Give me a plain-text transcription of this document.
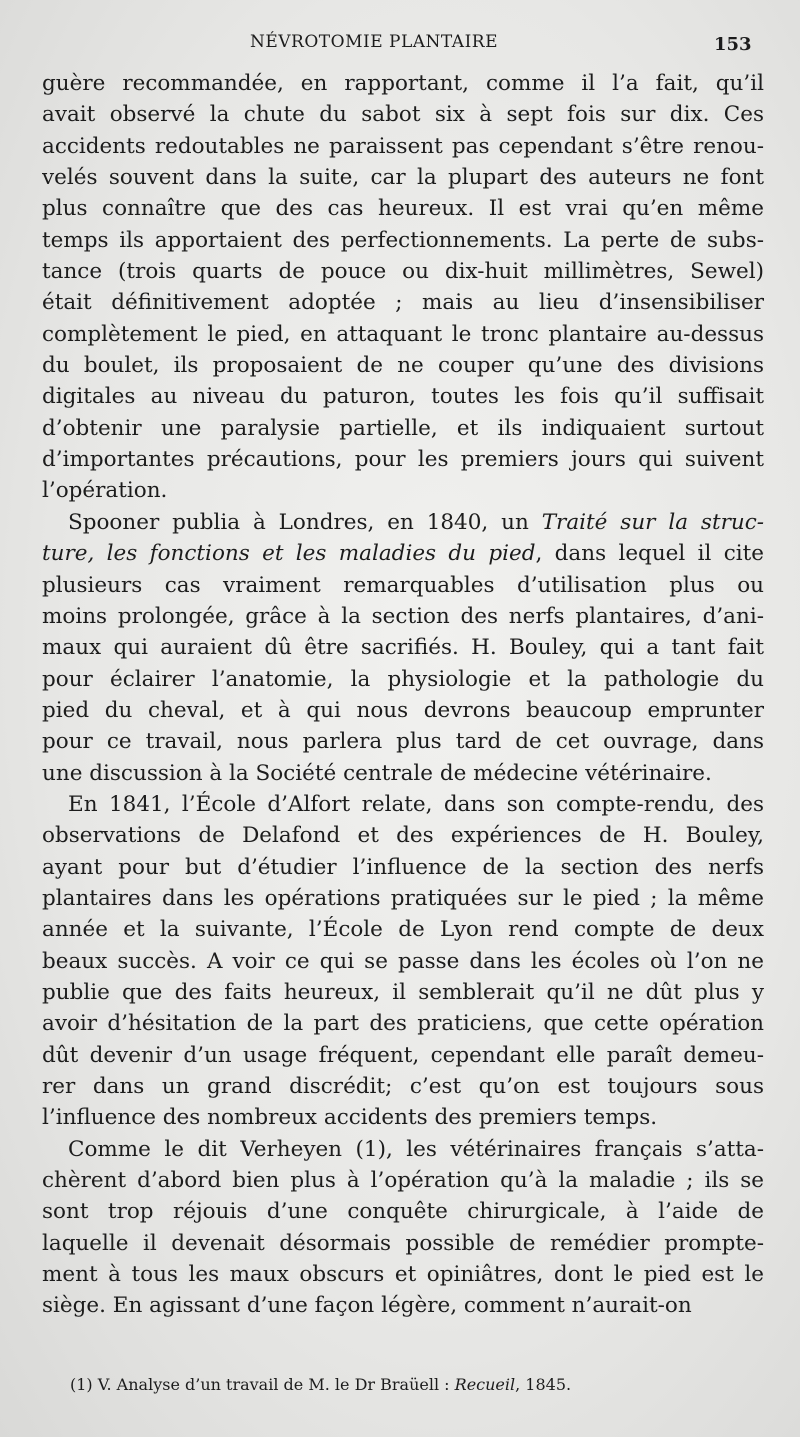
NÉVROTOMIE PLANTAIRE	153
guère recommandée, en rapportant, comme il l’a fait, qu’il
avait observé la chute du sabot six à sept fois sur dix. Ces
accidents redoutables ne paraissent pas cependant s’être renou-
velés souvent dans la suite, car la plupart des auteurs ne font
plus connaître que des cas heureux. Il est vrai qu’en même
temps ils apportaient des perfectionnements. La perte de subs-
tance (trois quarts de pouce ou dix-huit millimètres, Sewel)
était définitivement adoptée ; mais au lieu d’insensibiliser
complètement le pied, en attaquant le tronc plantaire au-dessus
du boulet, ils proposaient de ne couper qu’une des divisions
digitales au niveau du paturon, toutes les fois qu’il suffisait
d’obtenir une paralysie partielle, et ils indiquaient surtout
d’importantes précautions, pour les premiers jours qui suivent
l’opération.
Spooner publia à Londres, en 1840, un Traité sur la struc-
ture, les fonctions et les maladies du pied, dans lequel il cite
plusieurs cas vraiment remarquables d’utilisation plus ou
moins prolongée, grâce à la section des nerfs plantaires, d’ani-
maux qui auraient dû être sacrifiés. H. Bouley, qui a tant fait
pour éclairer l’anatomie, la physiologie et la pathologie du
pied du cheval, et à qui nous devrons beaucoup emprunter
pour ce travail, nous parlera plus tard de cet ouvrage, dans
une discussion à la Société centrale de médecine vétérinaire.
En 1841, l’École d’Alfort relate, dans son compte-rendu, des
observations de Delafond et des expériences de H. Bouley,
ayant pour but d’étudier l’influence de la section des nerfs
plantaires dans les opérations pratiquées sur le pied ; la même
année et la suivante, l’École de Lyon rend compte de deux
beaux succès. A voir ce qui se passe dans les écoles où l’on ne
publie que des faits heureux, il semblerait qu’il ne dût plus y
avoir d’hésitation de la part des praticiens, que cette opération
dût devenir d’un usage fréquent, cependant elle paraît demeu-
rer dans un grand discrédit; c’est qu’on est toujours sous
l’influence des nombreux accidents des premiers temps.
Comme le dit Verheyen (1), les vétérinaires français s’atta-
chèrent d’abord bien plus à l’opération qu’à la maladie ; ils se
sont trop réjouis d’une conquête chirurgicale, à l’aide de
laquelle il devenait désormais possible de remédier prompte-
ment à tous les maux obscurs et opiniâtres, dont le pied est le
siège. En agissant d’une façon légère, comment n’aurait-on
(1) V. Analyse d’un travail de M. le Dr Braüell : Recueil, 1845.
